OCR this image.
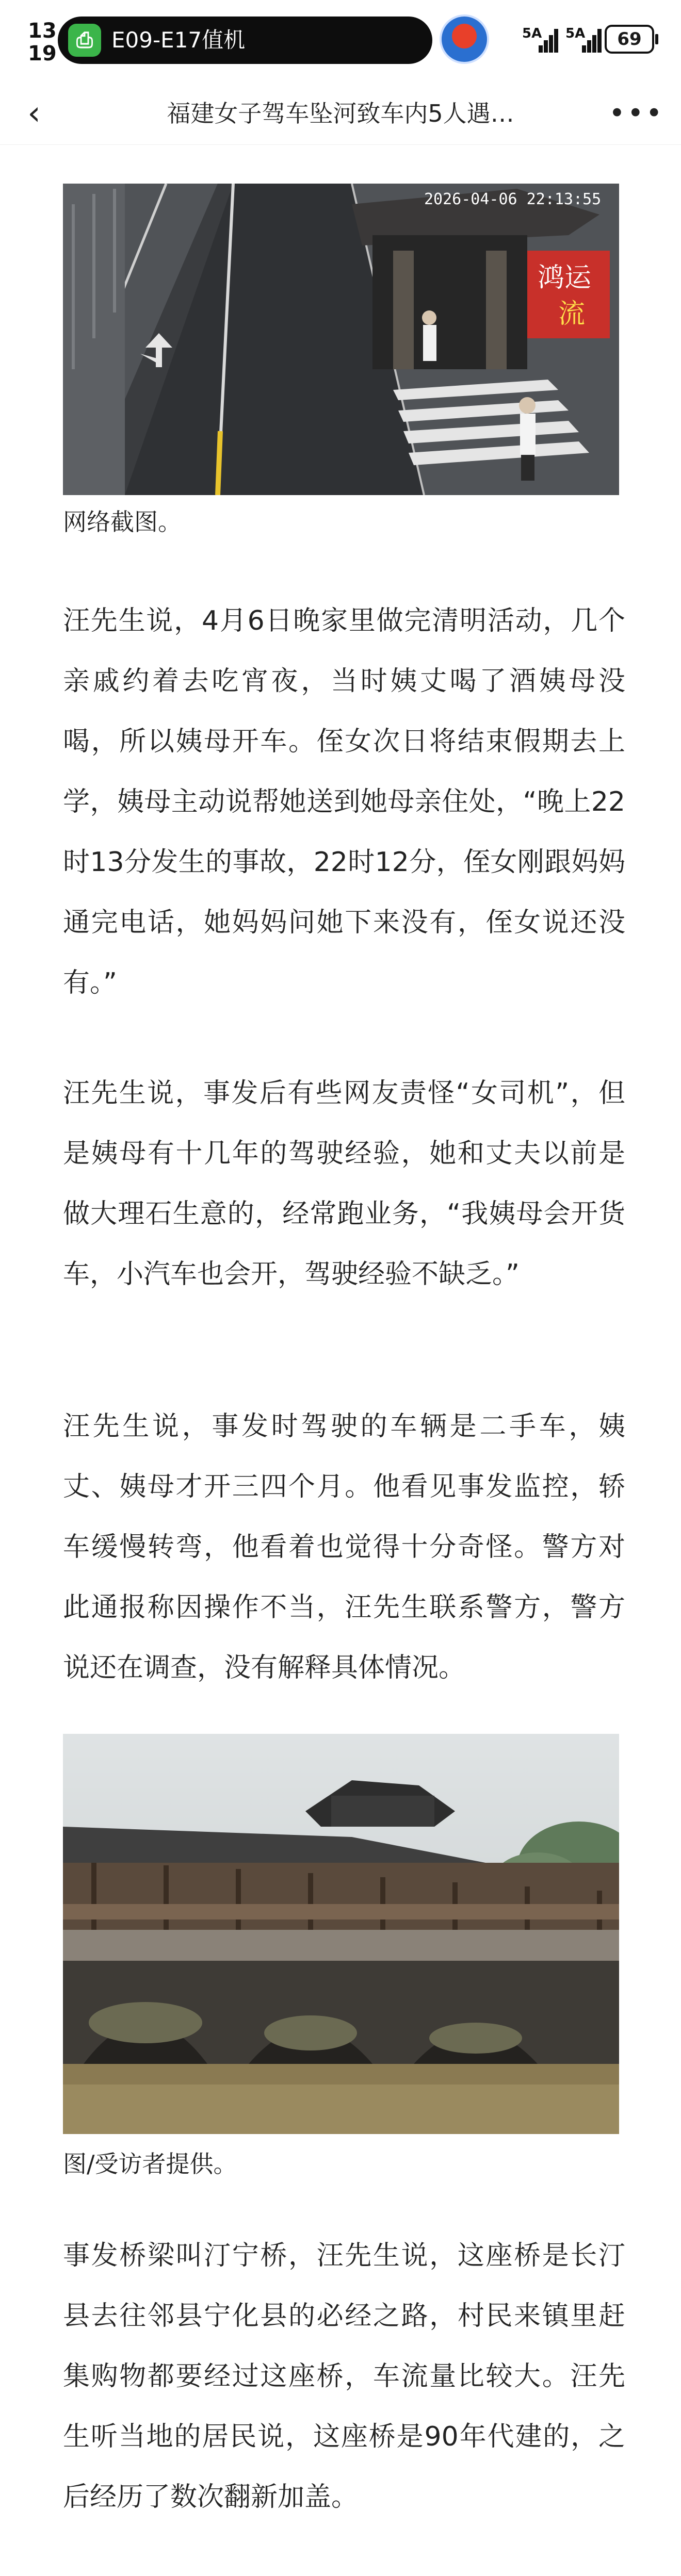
13
19
⎙ E09-E17值机	5A 5A	69
‹	福建女子驾车坠河致车内5人遇…	•••
鸿运
流
2026-04-06 22:13:55
网络截图。

汪先生说，4月6日晚家里做完清明活动，几个亲戚约着去吃宵夜，当时姨丈喝了酒姨母没喝，所以姨母开车。侄女次日将结束假期去上学，姨母主动说帮她送到她母亲住处，“晚上22时13分发生的事故，22时12分，侄女刚跟妈妈通完电话，她妈妈问她下来没有，侄女说还没有。”

汪先生说，事发后有些网友责怪“女司机”，但是姨母有十几年的驾驶经验，她和丈夫以前是做大理石生意的，经常跑业务，“我姨母会开货车，小汽车也会开，驾驶经验不缺乏。”

汪先生说，事发时驾驶的车辆是二手车，姨丈、姨母才开三四个月。他看见事发监控，轿车缓慢转弯，他看着也觉得十分奇怪。警方对此通报称因操作不当，汪先生联系警方，警方说还在调查，没有解释具体情况。

图/受访者提供。

事发桥梁叫汀宁桥，汪先生说，这座桥是长汀县去往邻县宁化县的必经之路，村民来镇里赶集购物都要经过这座桥，车流量比较大。汪先生听当地的居民说，这座桥是90年代建的，之后经历了数次翻新加盖。
